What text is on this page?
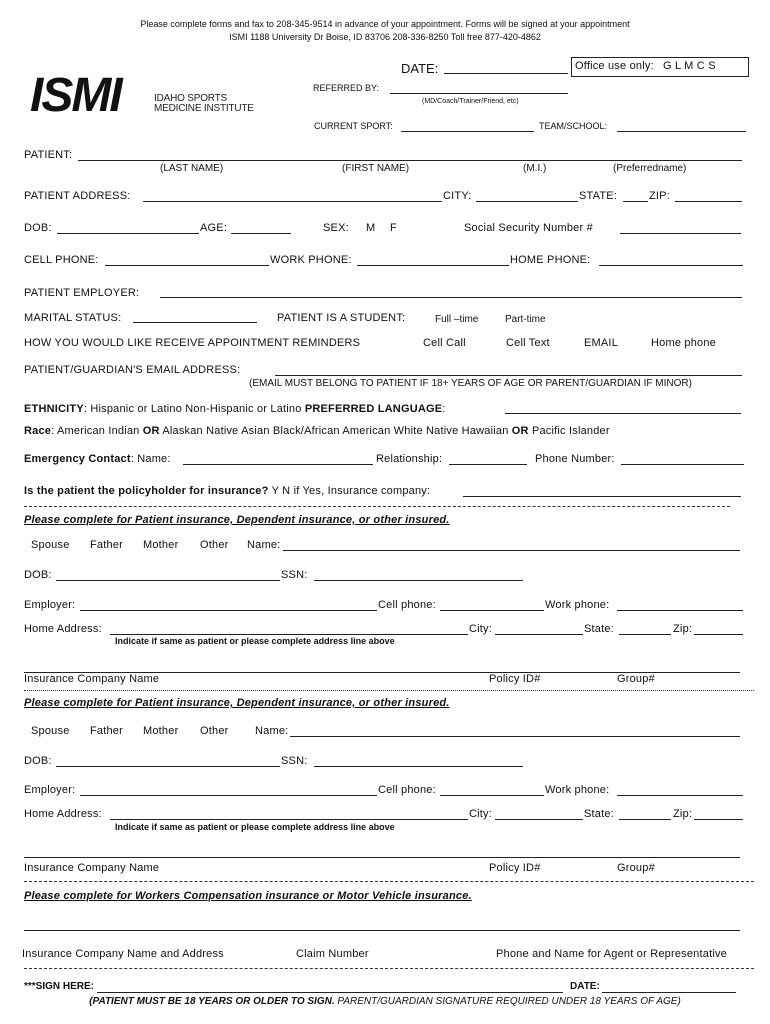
Please complete forms and fax to 208-345-9514 in advance of your appointment. Forms will be signed at your appointment
ISMI 1188 University Dr Boise, ID 83706 208-336-8250 Toll free 877-420-4862
ISMI	IDAHO SPORTS
MEDICINE INSTITUTE
DATE:	Office use only: G L M C S
REFERRED BY:
(MD/Coach/Trainer/Friend, etc)
CURRENT SPORT:	TEAM/SCHOOL:
PATIENT:
(LAST NAME)	(FIRST NAME)	(M.I.)	(Preferredname)
PATIENT ADDRESS:	CITY:	STATE:	ZIP:
DOB:	AGE:	SEX: M F	Social Security Number #
CELL PHONE:	WORK PHONE:	HOME PHONE:
PATIENT EMPLOYER:
MARITAL STATUS:	PATIENT IS A STUDENT:	Full –time	Part-time
HOW YOU WOULD LIKE RECEIVE APPOINTMENT REMINDERS	Cell Call	Cell Text	EMAIL	Home phone
PATIENT/GUARDIAN'S EMAIL ADDRESS:
(EMAIL MUST BELONG TO PATIENT IF 18+ YEARS OF AGE OR PARENT/GUARDIAN IF MINOR)
ETHNICITY: Hispanic or Latino Non-Hispanic or Latino PREFERRED LANGUAGE:
Race: American Indian OR Alaskan Native Asian Black/African American White Native Hawaiian OR Pacific Islander
Emergency Contact: Name:	Relationship:	Phone Number:
Is the patient the policyholder for insurance? Y N if Yes, Insurance company:
Please complete for Patient insurance, Dependent insurance, or other insured.
Spouse Father Mother Other Name:
DOB:	SSN:
Employer:	Cell phone:	Work phone:
Home Address:	City:	State:	Zip:
Indicate if same as patient or please complete address line above
Insurance Company Name	Policy ID#	Group#
Please complete for Patient insurance, Dependent insurance, or other insured.
Spouse Father Mother Other Name:
DOB:	SSN:
Employer:	Cell phone:	Work phone:
Home Address:	City:	State:	Zip:
Indicate if same as patient or please complete address line above
Insurance Company Name	Policy ID#	Group#
Please complete for Workers Compensation insurance or Motor Vehicle insurance.
Insurance Company Name and Address	Claim Number	Phone and Name for Agent or Representative
***SIGN HERE:	DATE:
(PATIENT MUST BE 18 YEARS OR OLDER TO SIGN. PARENT/GUARDIAN SIGNATURE REQUIRED UNDER 18 YEARS OF AGE)
